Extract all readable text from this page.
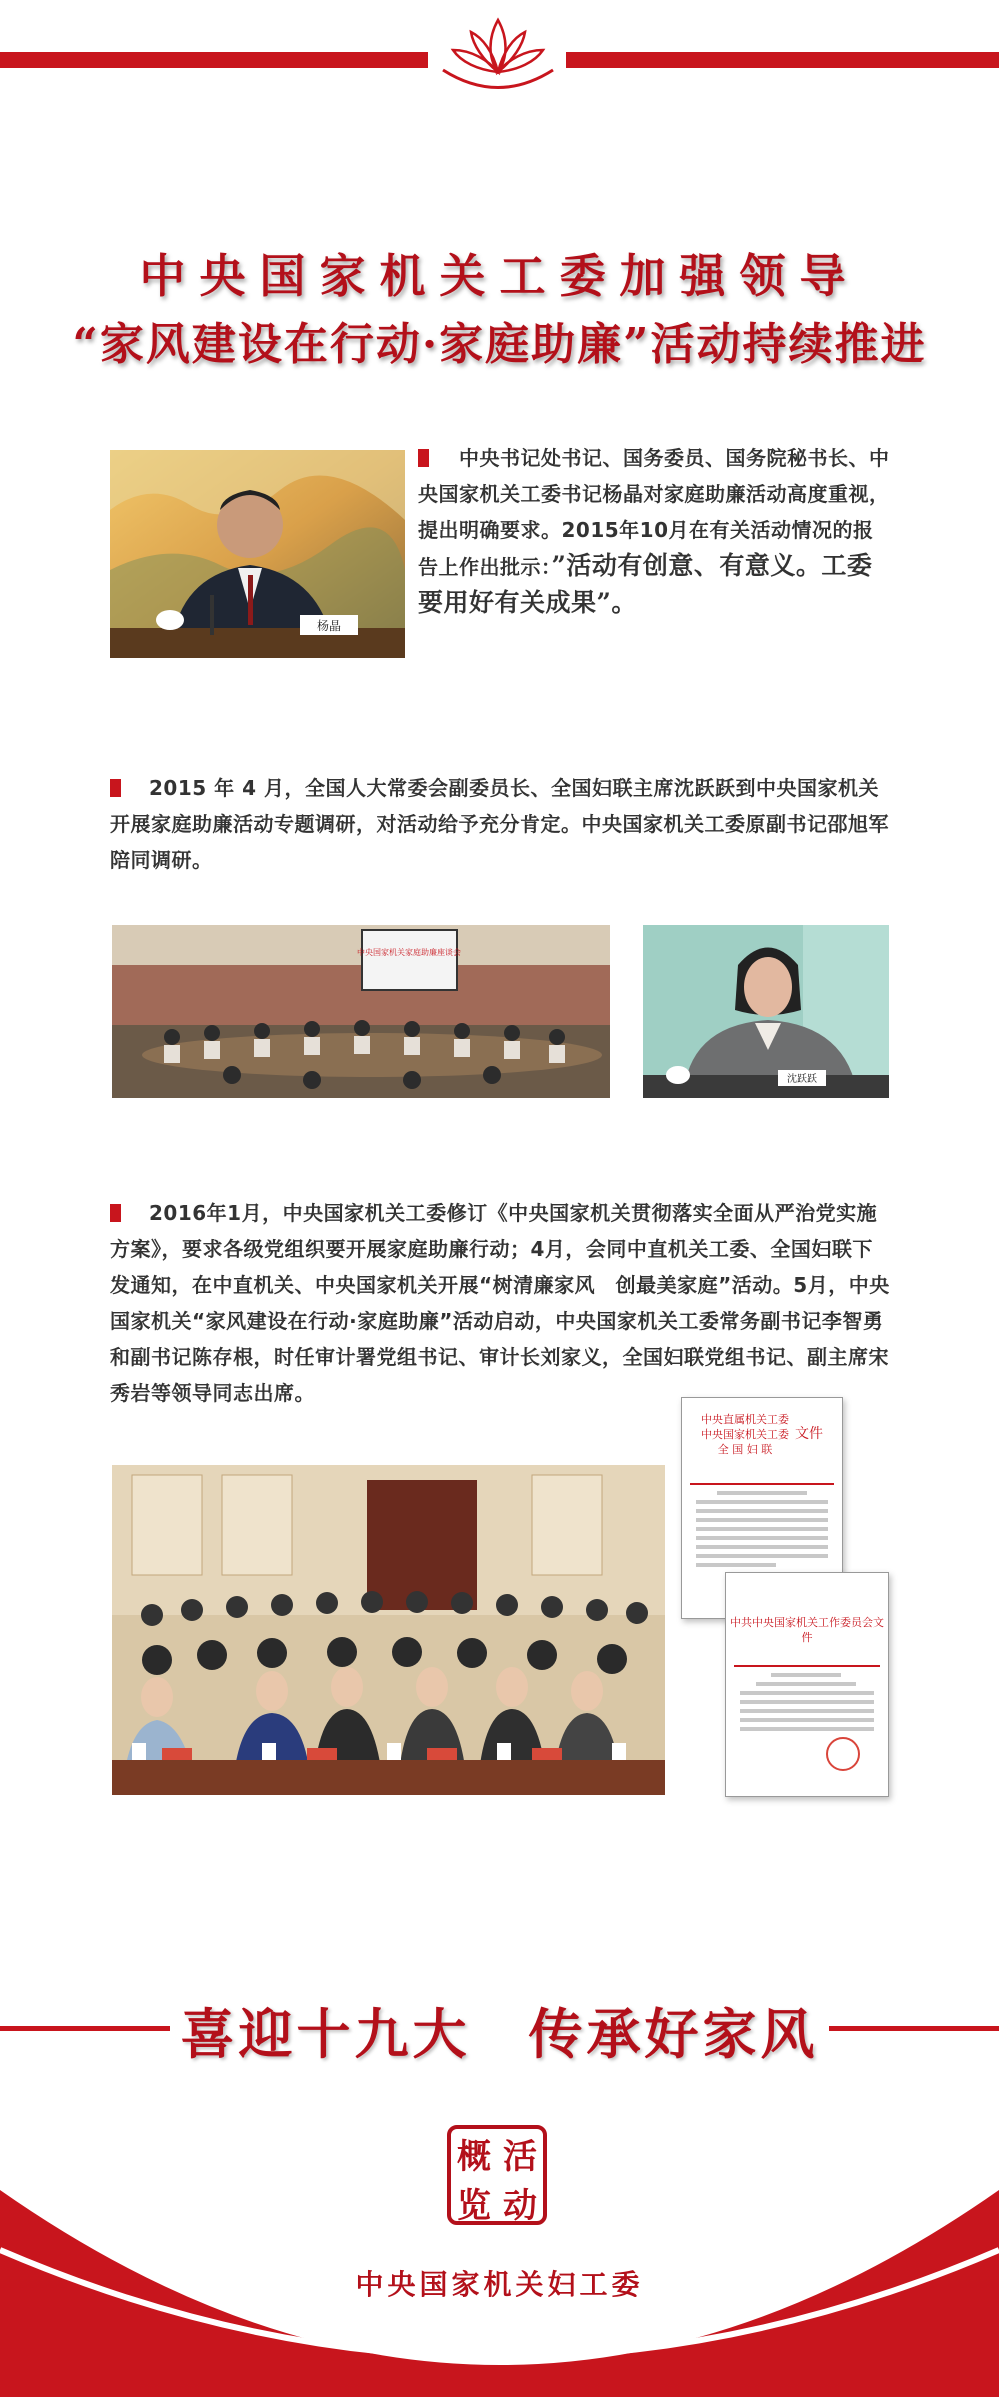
中央国家机关工委加强领导
“家风建设在行动·家庭助廉”活动持续推进
杨晶
中央书记处书记、国务委员、国务院秘书长、中央国家机关工委书记杨晶对家庭助廉活动高度重视，提出明确要求。2015年10月在有关活动情况的报告上作出批示：”活动有创意、有意义。工委要用好有关成果”。
2015 年 4 月，全国人大常委会副委员长、全国妇联主席沈跃跃到中央国家机关开展家庭助廉活动专题调研，对活动给予充分肯定。中央国家机关工委原副书记邵旭军陪同调研。
中央国家机关家庭助廉座谈会
沈跃跃
2016年1月，中央国家机关工委修订《中央国家机关贯彻落实全面从严治党实施方案》，要求各级党组织要开展家庭助廉行动；4月，会同中直机关工委、全国妇联下发通知，在中直机关、中央国家机关开展“树清廉家风　创最美家庭”活动。5月，中央国家机关“家风建设在行动·家庭助廉”活动启动，中央国家机关工委常务副书记李智勇和副书记陈存根，时任审计署党组书记、审计长刘家义，全国妇联党组书记、副主席宋秀岩等领导同志出席。
中央直属机关工委
中央国家机关工委
全 国 妇 联
文件
中共中央国家机关工作委员会文件
喜迎十九大　传承好家风
概 活
览 动
中央国家机关妇工委
